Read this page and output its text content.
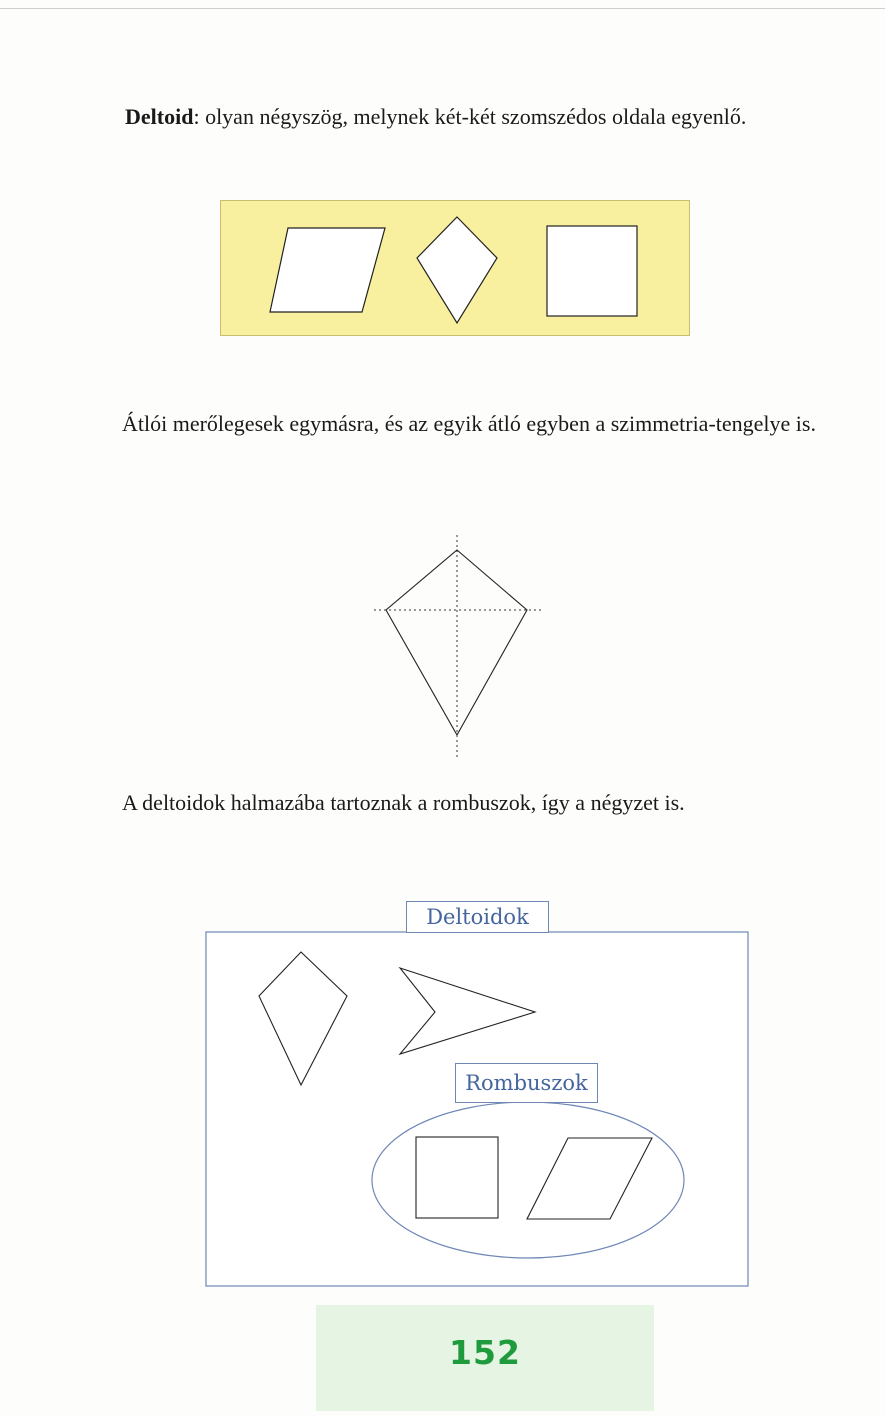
Deltoid: olyan négyszög, melynek két-két szomszédos oldala egyenlő.

Átlói merőlegesek egymásra, és az egyik átló egyben a szimmetria-tengelye is.

A deltoidok halmazába tartoznak a rombuszok, így a négyzet is.

Deltoidok
Rombuszok
152
